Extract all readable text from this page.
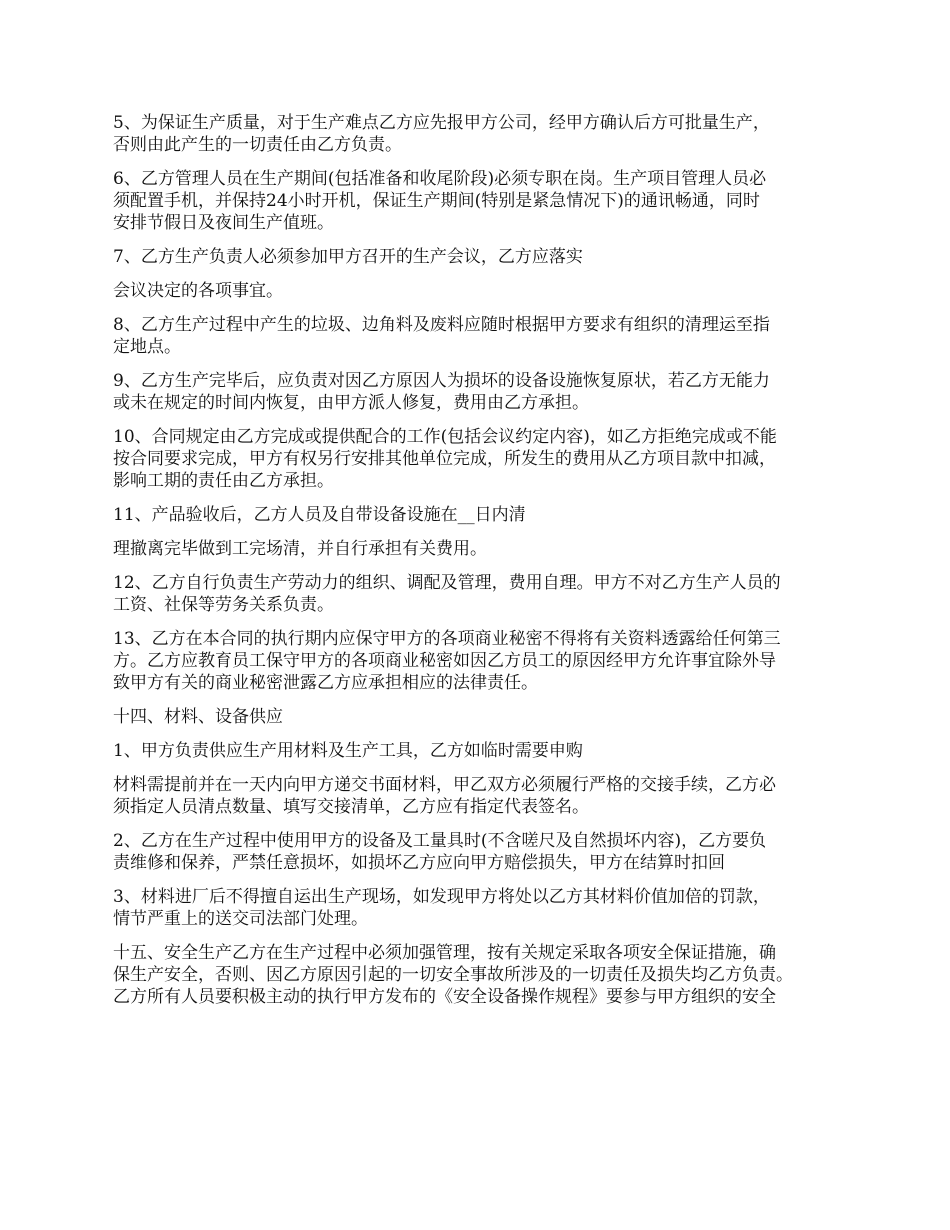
5、为保证生产质量，对于生产难点乙方应先报甲方公司，经甲方确认后方可批量生产，
否则由此产生的一切责任由乙方负责。

6、乙方管理人员在生产期间(包括准备和收尾阶段)必须专职在岗。生产项目管理人员必
须配置手机，并保持24小时开机，保证生产期间(特别是紧急情况下)的通讯畅通，同时
安排节假日及夜间生产值班。

7、乙方生产负责人必须参加甲方召开的生产会议，乙方应落实

会议决定的各项事宜。

8、乙方生产过程中产生的垃圾、边角料及废料应随时根据甲方要求有组织的清理运至指
定地点。

9、乙方生产完毕后，应负责对因乙方原因人为损坏的设备设施恢复原状，若乙方无能力
或未在规定的时间内恢复，由甲方派人修复，费用由乙方承担。

10、合同规定由乙方完成或提供配合的工作(包括会议约定内容)，如乙方拒绝完成或不能
按合同要求完成，甲方有权另行安排其他单位完成，所发生的费用从乙方项目款中扣减，
影响工期的责任由乙方承担。

11、产品验收后，乙方人员及自带设备设施在__日内清

理撤离完毕做到工完场清，并自行承担有关费用。

12、乙方自行负责生产劳动力的组织、调配及管理，费用自理。甲方不对乙方生产人员的
工资、社保等劳务关系负责。

13、乙方在本合同的执行期内应保守甲方的各项商业秘密不得将有关资料透露给任何第三
方。乙方应教育员工保守甲方的各项商业秘密如因乙方员工的原因经甲方允许事宜除外导
致甲方有关的商业秘密泄露乙方应承担相应的法律责任。

十四、材料、设备供应

1、甲方负责供应生产用材料及生产工具，乙方如临时需要申购

材料需提前并在一天内向甲方递交书面材料，甲乙双方必须履行严格的交接手续，乙方必
须指定人员清点数量、填写交接清单，乙方应有指定代表签名。

2、乙方在生产过程中使用甲方的设备及工量具时(不含嗟尺及自然损坏内容)，乙方要负
责维修和保养，严禁任意损坏，如损坏乙方应向甲方赔偿损失，甲方在结算时扣回

3、材料进厂后不得擅自运出生产现场，如发现甲方将处以乙方其材料价值加倍的罚款，
情节严重上的送交司法部门处理。

十五、安全生产乙方在生产过程中必须加强管理，按有关规定采取各项安全保证措施，确
保生产安全，否则、因乙方原因引起的一切安全事故所涉及的一切责任及损失均乙方负责。
乙方所有人员要积极主动的执行甲方发布的《安全设备操作规程》要参与甲方组织的安全
